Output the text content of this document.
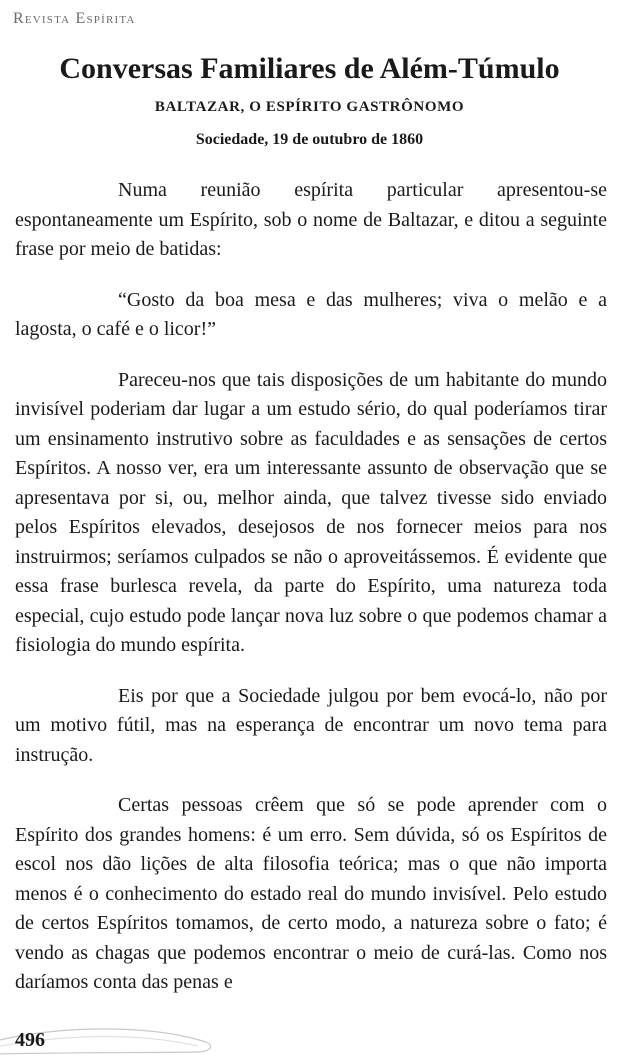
Revista Espírita
Conversas Familiares de Além-Túmulo
BALTAZAR, O ESPÍRITO GASTRÔNOMO
Sociedade, 19 de outubro de 1860

Numa reunião espírita particular apresentou-se espontaneamente um Espírito, sob o nome de Baltazar, e ditou a seguinte frase por meio de batidas:

“Gosto da boa mesa e das mulheres; viva o melão e a lagosta, o café e o licor!”

Pareceu-nos que tais disposições de um habitante do mundo invisível poderiam dar lugar a um estudo sério, do qual poderíamos tirar um ensinamento instrutivo sobre as faculdades e as sensações de certos Espíritos. A nosso ver, era um interessante assunto de observação que se apresentava por si, ou, melhor ainda, que talvez tivesse sido enviado pelos Espíritos elevados, desejosos de nos fornecer meios para nos instruirmos; seríamos culpados se não o aproveitássemos. É evidente que essa frase burlesca revela, da parte do Espírito, uma natureza toda especial, cujo estudo pode lançar nova luz sobre o que podemos chamar a fisiologia do mundo espírita.

Eis por que a Sociedade julgou por bem evocá-lo, não por um motivo fútil, mas na esperança de encontrar um novo tema para instrução.

Certas pessoas crêem que só se pode aprender com o Espírito dos grandes homens: é um erro. Sem dúvida, só os Espíritos de escol nos dão lições de alta filosofia teórica; mas o que não importa menos é o conhecimento do estado real do mundo invisível. Pelo estudo de certos Espíritos tomamos, de certo modo, a natureza sobre o fato; é vendo as chagas que podemos encontrar o meio de curá-las. Como nos daríamos conta das penas e

496
